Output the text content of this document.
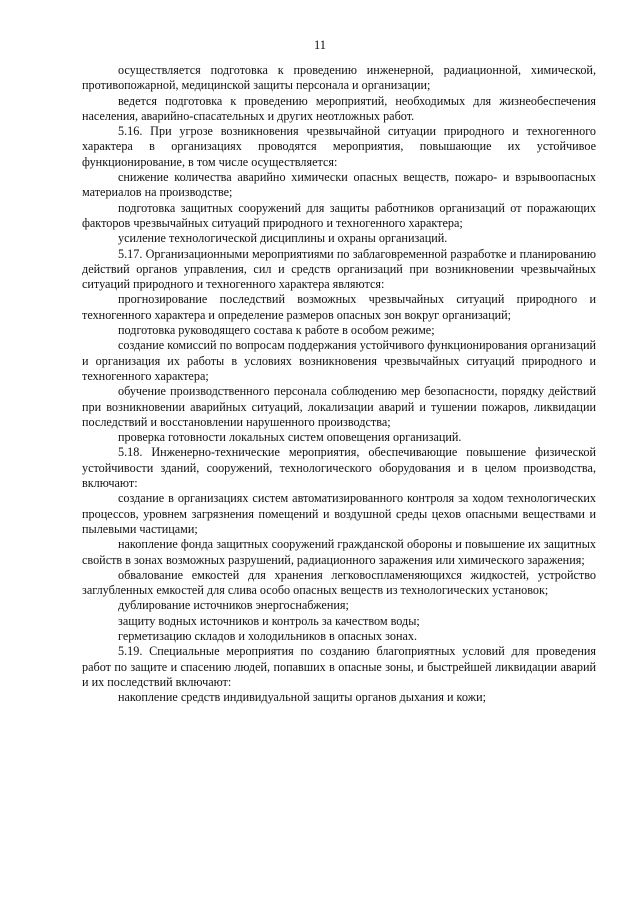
11

осуществляется подготовка к проведению инженерной, радиационной, химической, противопожарной, медицинской защиты персонала и организации;

ведется подготовка к проведению мероприятий, необходимых для жизнеобеспечения населения, аварийно-спасательных и других неотложных работ.

5.16. При угрозе возникновения чрезвычайной ситуации природного и техногенного характера в организациях проводятся мероприятия, повышающие их устойчивое функционирование, в том числе осуществляется:

снижение количества аварийно химически опасных веществ, пожаро- и взрывоопасных материалов на производстве;

подготовка защитных сооружений для защиты работников организаций от поражающих факторов чрезвычайных ситуаций природного и техногенного характера;

усиление технологической дисциплины и охраны организаций.

5.17. Организационными мероприятиями по заблаговременной разработке и планированию действий органов управления, сил и средств организаций при возникновении чрезвычайных ситуаций природного и техногенного характера являются:

прогнозирование последствий возможных чрезвычайных ситуаций природного и техногенного характера и определение размеров опасных зон вокруг организаций;

подготовка руководящего состава к работе в особом режиме;

создание комиссий по вопросам поддержания устойчивого функционирования организаций и организация их работы в условиях возникновения чрезвычайных ситуаций природного и техногенного характера;

обучение производственного персонала соблюдению мер безопасности, порядку действий при возникновении аварийных ситуаций, локализации аварий и тушении пожаров, ликвидации последствий и восстановлении нарушенного производства;

проверка готовности локальных систем оповещения организаций.

5.18. Инженерно-технические мероприятия, обеспечивающие повышение физической устойчивости зданий, сооружений, технологического оборудования и в целом производства, включают:

создание в организациях систем автоматизированного контроля за ходом технологических процессов, уровнем загрязнения помещений и воздушной среды цехов опасными веществами и пылевыми частицами;

накопление фонда защитных сооружений гражданской обороны и повышение их защитных свойств в зонах возможных разрушений, радиационного заражения или химического заражения;

обвалование емкостей для хранения легковоспламеняющихся жидкостей, устройство заглубленных емкостей для слива особо опасных веществ из технологических установок;

дублирование источников энергоснабжения;

защиту водных источников и контроль за качеством воды;

герметизацию складов и холодильников в опасных зонах.

5.19. Специальные мероприятия по созданию благоприятных условий для проведения работ по защите и спасению людей, попавших в опасные зоны, и быстрейшей ликвидации аварий и их последствий включают:

накопление средств индивидуальной защиты органов дыхания и кожи;
